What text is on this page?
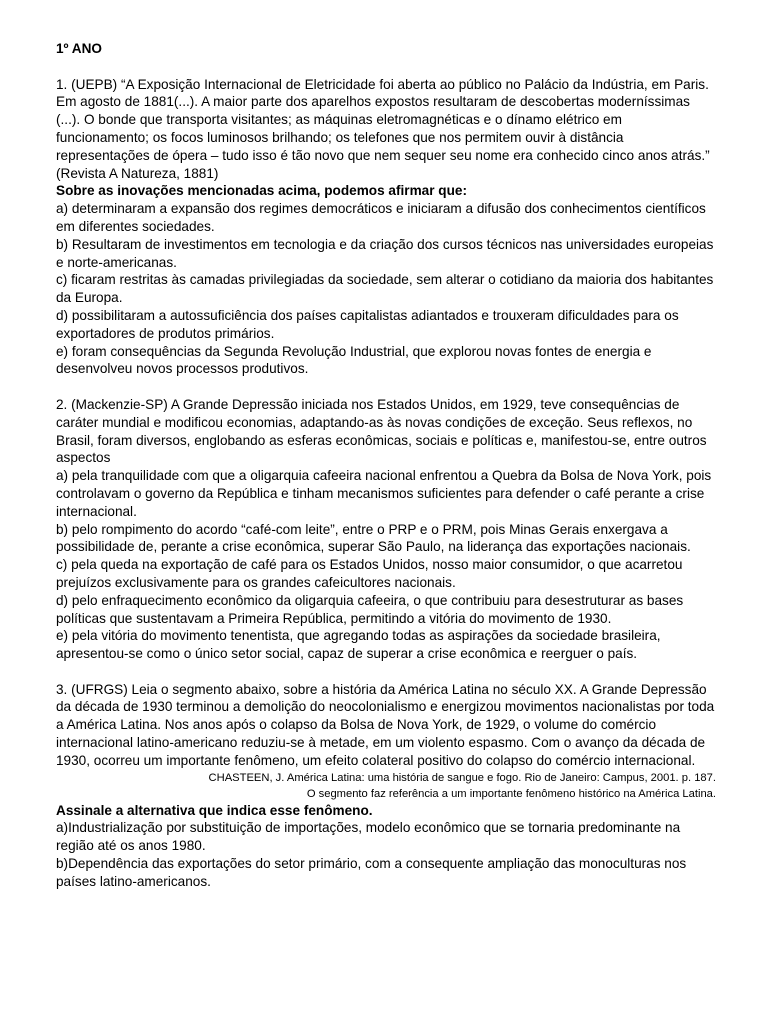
1º ANO

1. (UEPB) “A Exposição Internacional de Eletricidade foi aberta ao público no Palácio da Indústria, em Paris. Em agosto de 1881(...). A maior parte dos aparelhos expostos resultaram de descobertas moderníssimas (...). O bonde que transporta visitantes; as máquinas eletromagnéticas e o dínamo elétrico em funcionamento; os focos luminosos brilhando; os telefones que nos permitem ouvir à distância representações de ópera – tudo isso é tão novo que nem sequer seu nome era conhecido cinco anos atrás.” (Revista A Natureza, 1881)

Sobre as inovações mencionadas acima, podemos afirmar que:

a) determinaram a expansão dos regimes democráticos e iniciaram a difusão dos conhecimentos científicos em diferentes sociedades.

b) Resultaram de investimentos em tecnologia e da criação dos cursos técnicos nas universidades europeias e norte-americanas.

c) ficaram restritas às camadas privilegiadas da sociedade, sem alterar o cotidiano da maioria dos habitantes da Europa.

d) possibilitaram a autossuficiência dos países capitalistas adiantados e trouxeram dificuldades para os exportadores de produtos primários.

e) foram consequências da Segunda Revolução Industrial, que explorou novas fontes de energia e desenvolveu novos processos produtivos.

2. (Mackenzie-SP) A Grande Depressão iniciada nos Estados Unidos, em 1929, teve consequências de caráter mundial e modificou economias, adaptando-as às novas condições de exceção. Seus reflexos, no Brasil, foram diversos, englobando as esferas econômicas, sociais e políticas e, manifestou-se, entre outros aspectos

a) pela tranquilidade com que a oligarquia cafeeira nacional enfrentou a Quebra da Bolsa de Nova York, pois controlavam o governo da República e tinham mecanismos suficientes para defender o café perante a crise internacional.

b) pelo rompimento do acordo “café-com leite”, entre o PRP e o PRM, pois Minas Gerais enxergava a possibilidade de, perante a crise econômica, superar São Paulo, na liderança das exportações nacionais.

c) pela queda na exportação de café para os Estados Unidos, nosso maior consumidor, o que acarretou prejuízos exclusivamente para os grandes cafeicultores nacionais.

d) pelo enfraquecimento econômico da oligarquia cafeeira, o que contribuiu para desestruturar as bases políticas que sustentavam a Primeira República, permitindo a vitória do movimento de 1930.

e) pela vitória do movimento tenentista, que agregando todas as aspirações da sociedade brasileira, apresentou-se como o único setor social, capaz de superar a crise econômica e reerguer o país.

3. (UFRGS) Leia o segmento abaixo, sobre a história da América Latina no século XX. A Grande Depressão da década de 1930 terminou a demolição do neocolonialismo e energizou movimentos nacionalistas por toda a América Latina. Nos anos após o colapso da Bolsa de Nova York, de 1929, o volume do comércio internacional latino-americano reduziu-se à metade, em um violento espasmo. Com o avanço da década de 1930, ocorreu um importante fenômeno, um efeito colateral positivo do colapso do comércio internacional.

CHASTEEN, J. América Latina: uma história de sangue e fogo. Rio de Janeiro: Campus, 2001. p. 187.

O segmento faz referência a um importante fenômeno histórico na América Latina.

Assinale a alternativa que indica esse fenômeno.

a)Industrialização por substituição de importações, modelo econômico que se tornaria predominante na região até os anos 1980.

b)Dependência das exportações do setor primário, com a consequente ampliação das monoculturas nos países latino-americanos.
